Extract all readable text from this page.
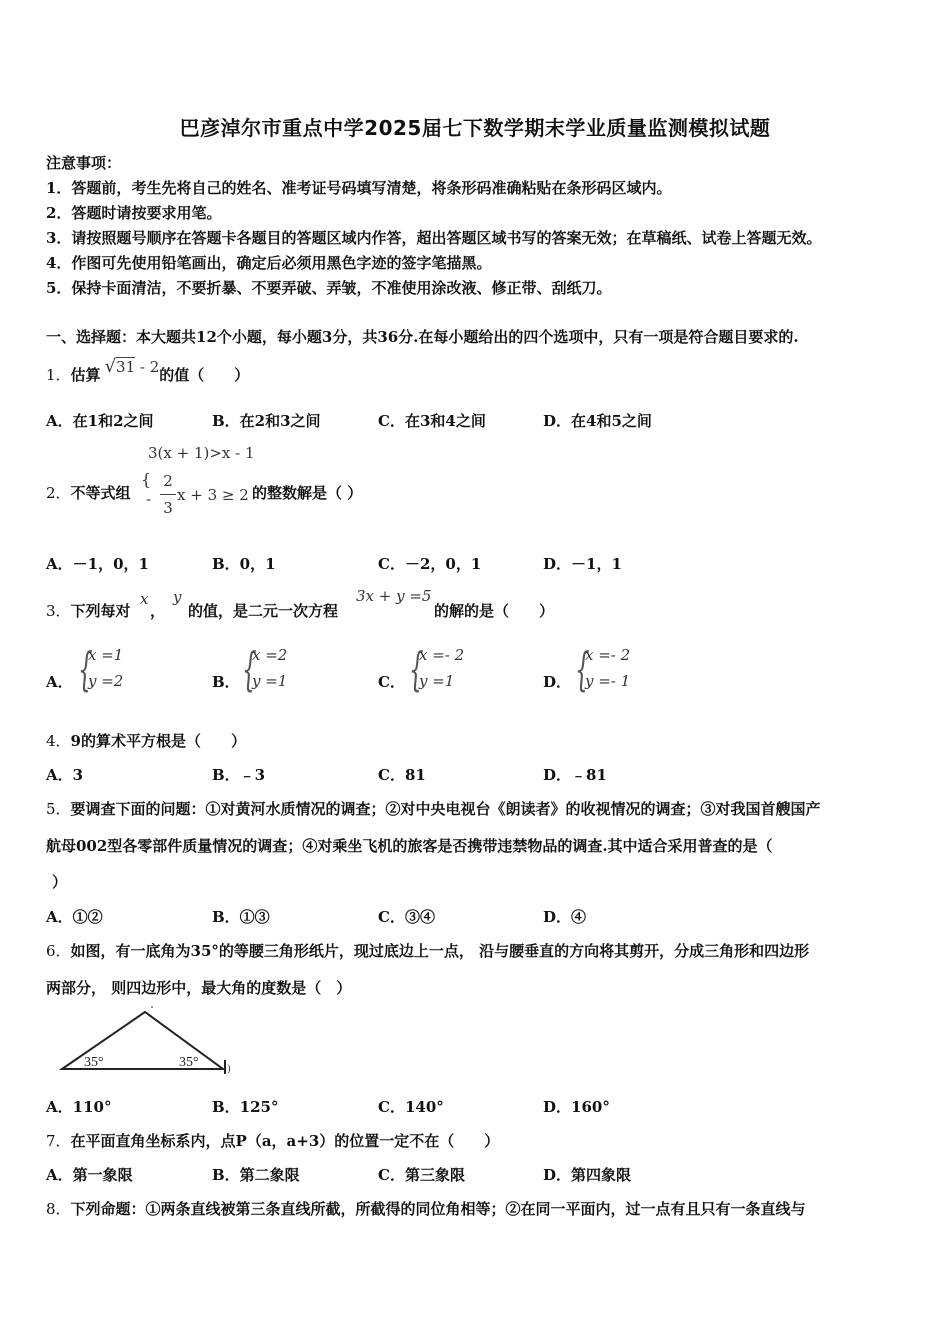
巴彦淖尔市重点中学2025届七下数学期末学业质量监测模拟试题
注意事项：
1．答题前，考生先将自己的姓名、准考证号码填写清楚，将条形码准确粘贴在条形码区域内。
2．答题时请按要求用笔。
3．请按照题号顺序在答题卡各题目的答题区域内作答，超出答题区域书写的答案无效；在草稿纸、试卷上答题无效。
4．作图可先使用铅笔画出，确定后必须用黑色字迹的签字笔描黑。
5．保持卡面清洁，不要折暴、不要弄破、弄皱，不准使用涂改液、修正带、刮纸刀。
一、选择题：本大题共12个小题，每小题3分，共36分.在每小题给出的四个选项中，只有一项是符合题目要求的.
1．估算 √31 - 2的值（　　）
A．在1和2之间	B．在2和3之间	C．在3和4之间	D．在4和5之间
3(x + 1)>x - 1
2．不等式组
{
-
2
3
x + 3 ≥ 2 的整数解是（ ）
A．－1，0，1	B．0，1	C．－2，0，1	D．－1，1
3．下列每对
x
，
y
的值，是二元一次方程
3x + y =5
的解的是（　　）
A． {
x =1
y =2	B． {
x =2
y =1	C． {
x =- 2
y =1	D． {
x =- 2
y =- 1
4．9的算术平方根是（　　）
A．3	B．﹣3	C．81	D．﹣81
5．要调查下面的问题：①对黄河水质情况的调查；②对中央电视台《朗读者》的收视情况的调查；③对我国首艘国产
航母002型各零部件质量情况的调查；④对乘坐飞机的旅客是否携带违禁物品的调查.其中适合采用普查的是（
）
A．①②	B．①③	C．③④	D．④
6．如图，有一底角为35°的等腰三角形纸片，现过底边上一点， 沿与腰垂直的方向将其剪开，分成三角形和四边形
两部分， 则四边形中，最大角的度数是（　）
)
35°	35°
A．110°	B．125°	C．140°	D．160°
7．在平面直角坐标系内，点P（a，a+3）的位置一定不在（　　）
A．第一象限	B．第二象限	C．第三象限	D．第四象限
8．下列命题：①两条直线被第三条直线所截，所截得的同位角相等；②在同一平面内，过一点有且只有一条直线与
